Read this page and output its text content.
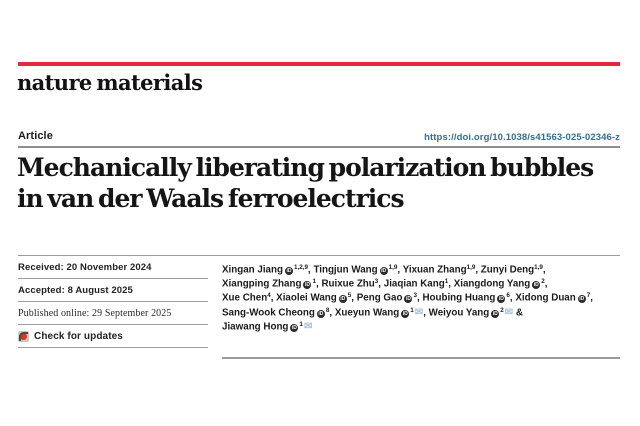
nature materials
Article	https://doi.org/10.1038/s41563-025-02346-z
Mechanically liberating polarization bubbles
in van der Waals ferroelectrics
Received: 20 November 2024
Accepted: 8 August 2025
Published online: 29 September 2025
Check for updates
Xingan Jiang iD $^{1,2,9}$, Tingjun Wang iD $^{1,9}$, Yixuan Zhang$^{1,9}$, Zunyi Deng$^{1,9}$,
Xiangping Zhang iD $^1$, Ruixue Zhu$^3$, Jiaqian Kang$^1$, Xiangdong Yang iD $^2$,
Xue Chen$^4$, Xiaolei Wang iD $^5$, Peng Gao iD $^3$, Houbing Huang iD $^6$, Xidong Duan iD $^7$,
Sang-Wook Cheong iD $^8$, Xueyun Wang iD $^1$✉, Weiyou Yang iD $^2$✉ &
Jiawang Hong iD $^1$✉
